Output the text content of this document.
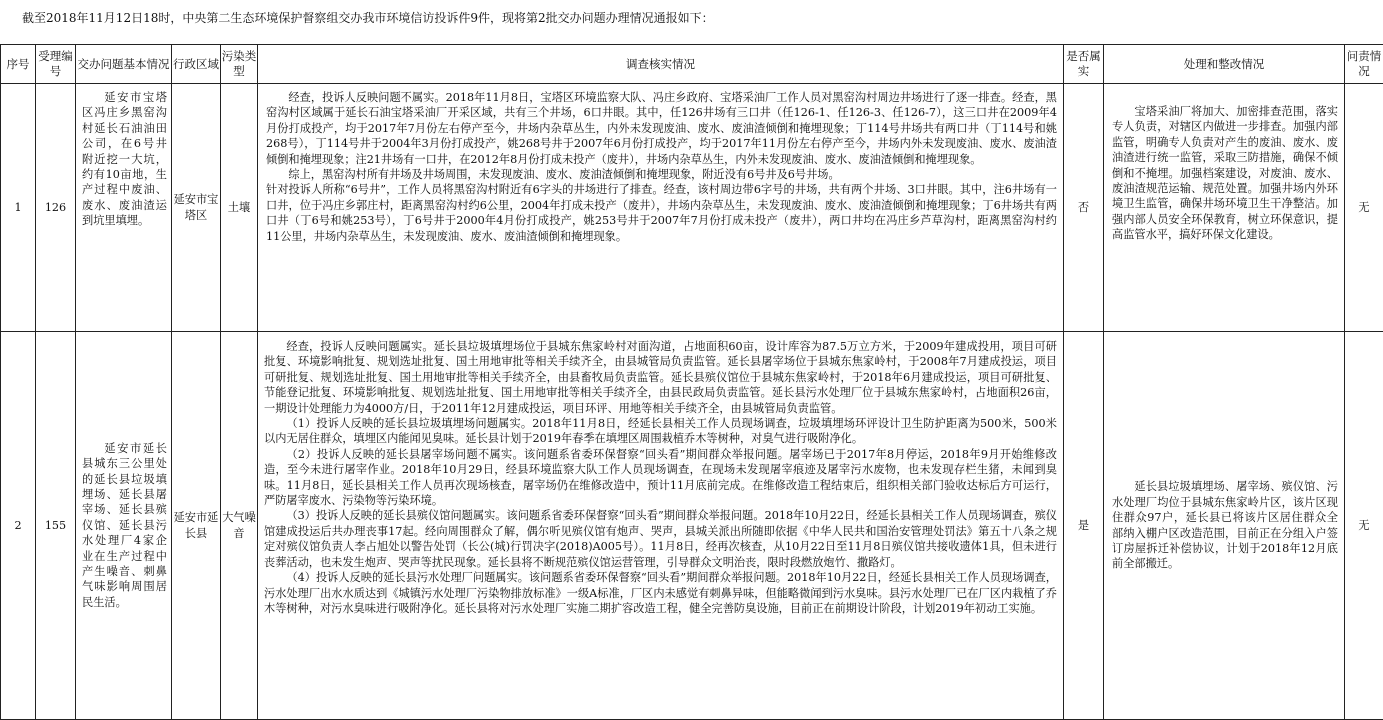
截至2018年11月12日18时，中央第二生态环境保护督察组交办我市环境信访投诉件9件，现将第2批交办问题办理情况通报如下：
序号	受理编号	交办问题基本情况	行政区域	污染类型	调查核实情况	是否属实	处理和整改情况	问责情况
1	126	延安市宝塔区冯庄乡黑窑沟村延长石油油田公司，在6号井附近挖一大坑，约有10亩地，生产过程中废油、废水、废油渣运到坑里填埋。	延安市宝塔区	土壤	经查，投诉人反映问题不属实。2018年11月8日，宝塔区环境监察大队、冯庄乡政府、宝塔采油厂工作人员对黑窑沟村周边井场进行了逐一排查。经查，黑窑沟村区域属于延长石油宝塔采油厂开采区域，共有三个井场，6口井眼。其中，任126井场有三口井（任126-1、任126-3、任126-7），这三口井在2009年4月份打成投产，均于2017年7月份左右停产至今，井场内杂草丛生，内外未发现废油、废水、废油渣倾倒和掩埋现象；丁114号井场共有两口井（丁114号和姚268号），丁114号井于2004年3月份打成投产，姚268号井于2007年6月份打成投产，均于2017年11月份左右停产至今，井场内外未发现废油、废水、废油渣倾倒和掩埋现象；注21井场有一口井，在2012年8月份打成未投产（废井），井场内杂草丛生，内外未发现废油、废水、废油渣倾倒和掩埋现象。

综上，黑窑沟村所有井场及井场周围，未发现废油、废水、废油渣倾倒和掩埋现象，附近没有6号井及6号井场。

针对投诉人所称“6号井”，工作人员将黑窑沟村附近有6字头的井场进行了排查。经查，该村周边带6字号的井场，共有两个井场、3口井眼。其中，注6井场有一口井，位于冯庄乡郭庄村，距离黑窑沟村约6公里，2004年打成未投产（废井），井场内杂草丛生，未发现废油、废水、废油渣倾倒和掩埋现象；丁6井场共有两口井（丁6号和姚253号），丁6号井于2000年4月份打成投产，姚253号井于2007年7月份打成未投产（废井），两口井均在冯庄乡芦草沟村，距离黑窑沟村约11公里，井场内杂草丛生，未发现废油、废水、废油渣倾倒和掩埋现象。	否	宝塔采油厂将加大、加密排查范围，落实专人负责，对辖区内做进一步排查。加强内部监管，明确专人负责对产生的废油、废水、废油渣进行统一监管，采取三防措施，确保不倾倒和不掩埋。加强档案建设，对废油、废水、废油渣规范运输、规范处置。加强井场内外环境卫生监管，确保井场环境卫生干净整洁。加强内部人员安全环保教育，树立环保意识，提高监管水平，搞好环保文化建设。	无
2	155	延安市延长县城东三公里处的延长县垃圾填埋场、延长县屠宰场、延长县殡仪馆、延长县污水处理厂4家企业在生产过程中产生噪音、刺鼻气味影响周围居民生活。	延安市延长县	大气噪音	经查，投诉人反映问题属实。延长县垃圾填埋场位于县城东焦家岭村对面沟道，占地面积60亩，设计库容为87.5万立方米，于2009年建成投用，项目可研批复、环境影响批复、规划选址批复、国土用地审批等相关手续齐全，由县城管局负责监管。延长县屠宰场位于县城东焦家岭村，于2008年7月建成投运，项目可研批复、规划选址批复、国土用地审批等相关手续齐全，由县畜牧局负责监管。延长县殡仪馆位于县城东焦家岭村，于2018年6月建成投运，项目可研批复、节能登记批复、环境影响批复、规划选址批复、国土用地审批等相关手续齐全，由县民政局负责监管。延长县污水处理厂位于县城东焦家岭村，占地面积26亩，一期设计处理能力为4000方/日，于2011年12月建成投运，项目环评、用地等相关手续齐全，由县城管局负责监管。

（1）投诉人反映的延长县垃圾填埋场问题属实。2018年11月8日，经延长县相关工作人员现场调查，垃圾填埋场环评设计卫生防护距离为500米，500米以内无居住群众，填埋区内能闻见臭味。延长县计划于2019年春季在填埋区周围栽植乔木等树种，对臭气进行吸附净化。

（2）投诉人反映的延长县屠宰场问题不属实。该问题系省委环保督察“回头看”期间群众举报问题。屠宰场已于2017年8月停运，2018年9月开始维修改造，至今未进行屠宰作业。2018年10月29日，经县环境监察大队工作人员现场调查，在现场未发现屠宰痕迹及屠宰污水废物，也未发现存栏生猪，未闻到臭味。11月8日，延长县相关工作人员再次现场核查，屠宰场仍在维修改造中，预计11月底前完成。在维修改造工程结束后，组织相关部门验收达标后方可运行，严防屠宰废水、污染物等污染环境。

（3）投诉人反映的延长县殡仪馆问题属实。该问题系省委环保督察“回头看”期间群众举报问题。2018年10月22日，经延长县相关工作人员现场调查，殡仪馆建成投运后共办理丧事17起。经向周围群众了解，偶尔听见殡仪馆有炮声、哭声，县城关派出所随即依据《中华人民共和国治安管理处罚法》第五十八条之规定对殡仪馆负责人李占旭处以警告处罚（长公(城)行罚决字(2018)A005号）。11月8日，经再次核查，从10月22日至11月8日殡仪馆共接收遗体1具，但未进行丧葬活动，也未发生炮声、哭声等扰民现象。延长县将不断规范殡仪馆运营管理，引导群众文明治丧，限时段燃放炮竹、撒路灯。

（4）投诉人反映的延长县污水处理厂问题属实。该问题系省委环保督察“回头看”期间群众举报问题。2018年10月22日，经延长县相关工作人员现场调查，污水处理厂出水水质达到《城镇污水处理厂污染物排放标准》一级A标准，厂区内未感觉有刺鼻异味，但能略微闻到污水臭味。县污水处理厂已在厂区内栽植了乔木等树种，对污水臭味进行吸附净化。延长县将对污水处理厂实施二期扩容改造工程，健全完善防臭设施，目前正在前期设计阶段，计划2019年初动工实施。	是	延长县垃圾填埋场、屠宰场、殡仪馆、污水处理厂均位于县城东焦家岭片区，该片区现住群众97户，延长县已将该片区居住群众全部纳入棚户区改造范围，目前正在分组入户签订房屋拆迁补偿协议，计划于2018年12月底前全部搬迁。	无
